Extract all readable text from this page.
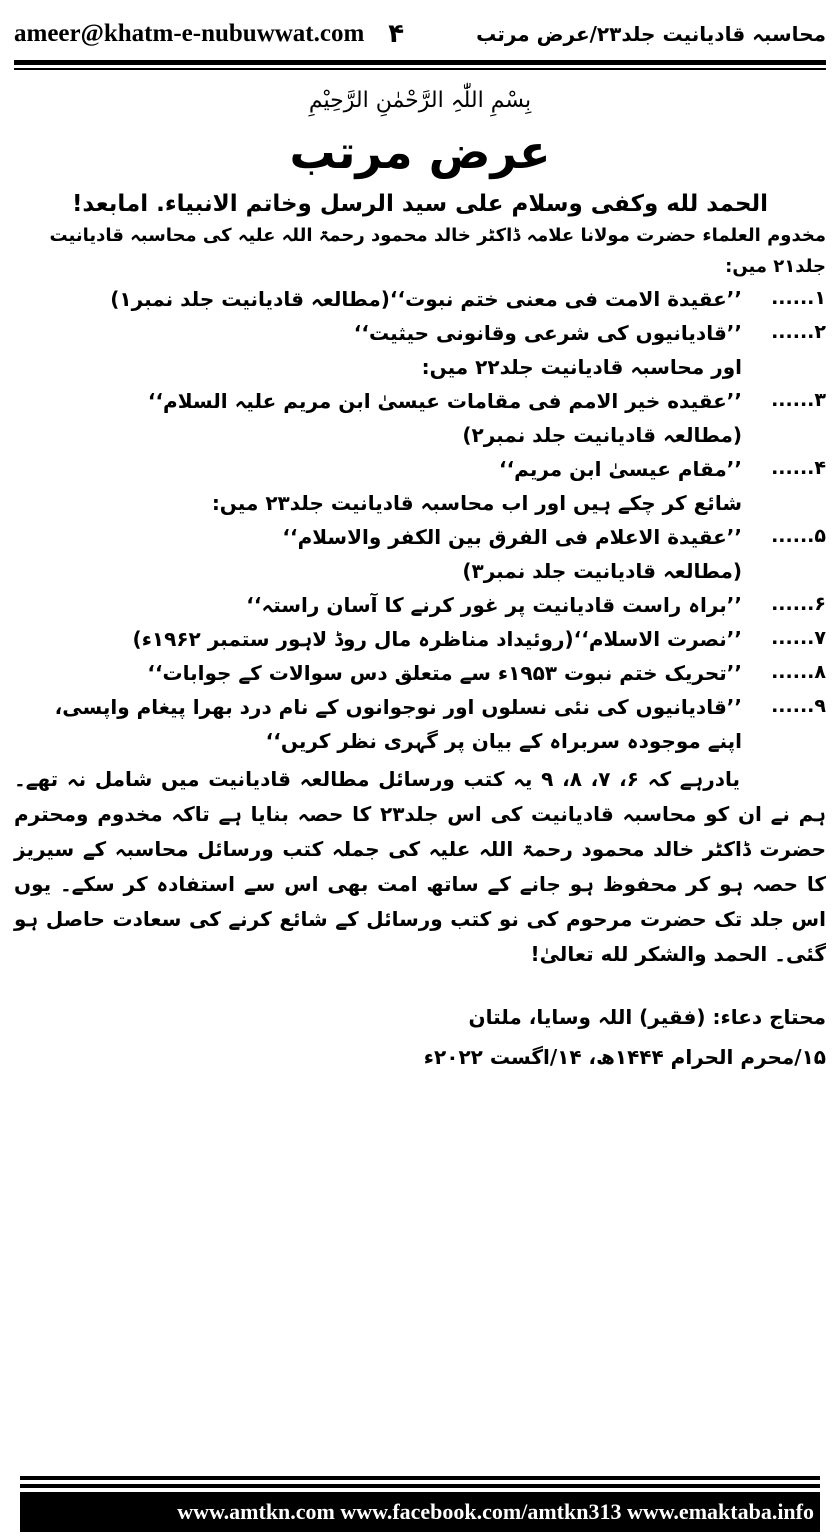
ameer@khatm-e-nubuwwat.com ۴	محاسبہ قادیانیت جلد۲۳/عرض مرتب
بِسْمِ اللّٰہِ الرَّحْمٰنِ الرَّحِیْمِ
عرض مرتب
الحمد لله وكفى وسلام على سيد الرسل وخاتم الانبياء. امابعد!
مخدوم العلماء حضرت مولانا علامہ ڈاکٹر خالد محمود رحمۃ اللہ علیہ کی محاسبہ قادیانیت جلد۲۱ میں:
۱......
’’عقيدة الامت فى معنى ختم نبوت‘‘(مطالعہ قادیانیت جلد نمبر۱)
۲......
’’قادیانیوں کی شرعی وقانونی حیثیت‘‘
اور محاسبہ قادیانیت جلد۲۲ میں:
۳......
’’عقيده خير الامم فى مقامات عيسىٰ ابن مريم عليہ السلام‘‘
(مطالعہ قادیانیت جلد نمبر۲)
۴......
’’مقام عیسیٰ ابن مریم‘‘
شائع کر چکے ہیں اور اب محاسبہ قادیانیت جلد۲۳ میں:
۵......
’’عقيدة الاعلام فى الفرق بين الكفر والاسلام‘‘
(مطالعہ قادیانیت جلد نمبر۳)
۶......
’’براہ راست قادیانیت پر غور کرنے کا آسان راستہ‘‘
۷......
’’نصرت الاسلام‘‘(روئیداد مناظرہ مال روڈ لاہور ستمبر ۱۹۶۲ء)
۸......
’’تحریک ختم نبوت ۱۹۵۳ء سے متعلق دس سوالات کے جوابات‘‘
۹......
’’قادیانیوں کی نئی نسلوں اور نوجوانوں کے نام درد بھرا پیغام واپسی، اپنے موجودہ سربراہ کے بیان پر گہری نظر کریں‘‘

یادرہے کہ ۶، ۷، ۸، ۹ یہ کتب ورسائل مطالعہ قادیانیت میں شامل نہ تھے۔ ہم نے ان کو محاسبہ قادیانیت کی اس جلد۲۳ کا حصہ بنایا ہے تاکہ مخدوم ومحترم حضرت ڈاکٹر خالد محمود رحمۃ اللہ علیہ کی جملہ کتب ورسائل محاسبہ کے سیریز کا حصہ ہو کر محفوظ ہو جانے کے ساتھ امت بھی اس سے استفادہ کر سکے۔ یوں اس جلد تک حضرت مرحوم کی نو کتب ورسائل کے شائع کرنے کی سعادت حاصل ہو گئی۔ الحمد والشکر لله تعالیٰ!

محتاج دعاء: (فقیر) اللہ وسایا، ملتان
۱۵/محرم الحرام ۱۴۴۴ھ، ۱۴/اگست ۲۰۲۲ء
www.amtkn.com www.facebook.com/amtkn313 www.emaktaba.info
